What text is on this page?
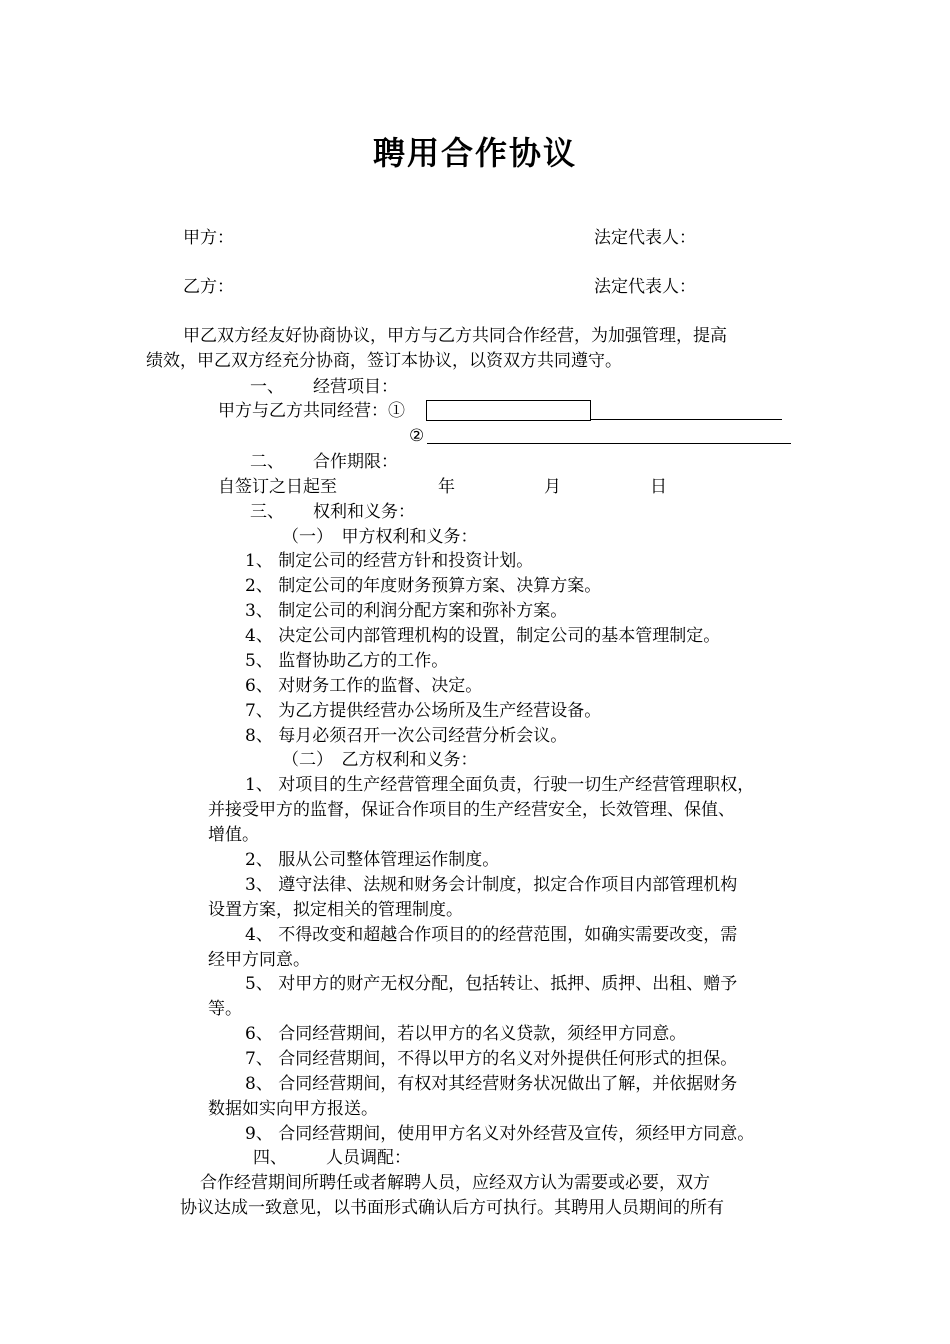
聘用合作协议
甲方：	法定代表人：
乙方：	法定代表人：
甲乙双方经友好协商协议，甲方与乙方共同合作经营，为加强管理，提高
绩效，甲乙双方经充分协商，签订本协议，以资双方共同遵守。
一、 经营项目：
甲方与乙方共同经营：①
②
二、 合作期限：
自签订之日起至	年	月	日
三、 权利和义务：
（一）　甲方权利和义务：
1、 制定公司的经营方针和投资计划。
2、 制定公司的年度财务预算方案、决算方案。
3、 制定公司的利润分配方案和弥补方案。
4、 决定公司内部管理机构的设置，制定公司的基本管理制定。
5、 监督协助乙方的工作。
6、 对财务工作的监督、决定。
7、 为乙方提供经营办公场所及生产经营设备。
8、 每月必须召开一次公司经营分析会议。
（二）　乙方权利和义务：
1、 对项目的生产经营管理全面负责，行驶一切生产经营管理职权，
并接受甲方的监督，保证合作项目的生产经营安全，长效管理、保值、
增值。
2、 服从公司整体管理运作制度。
3、 遵守法律、法规和财务会计制度，拟定合作项目内部管理机构
设置方案，拟定相关的管理制度。
4、 不得改变和超越合作项目的的经营范围，如确实需要改变，需
经甲方同意。
5、 对甲方的财产无权分配，包括转让、抵押、质押、出租、赠予
等。
6、 合同经营期间，若以甲方的名义贷款，须经甲方同意。
7、 合同经营期间，不得以甲方的名义对外提供任何形式的担保。
8、 合同经营期间，有权对其经营财务状况做出了解，并依据财务
数据如实向甲方报送。
9、 合同经营期间，使用甲方名义对外经营及宣传，须经甲方同意。
四、 人员调配：
合作经营期间所聘任或者解聘人员，应经双方认为需要或必要，双方
协议达成一致意见，以书面形式确认后方可执行。其聘用人员期间的所有
